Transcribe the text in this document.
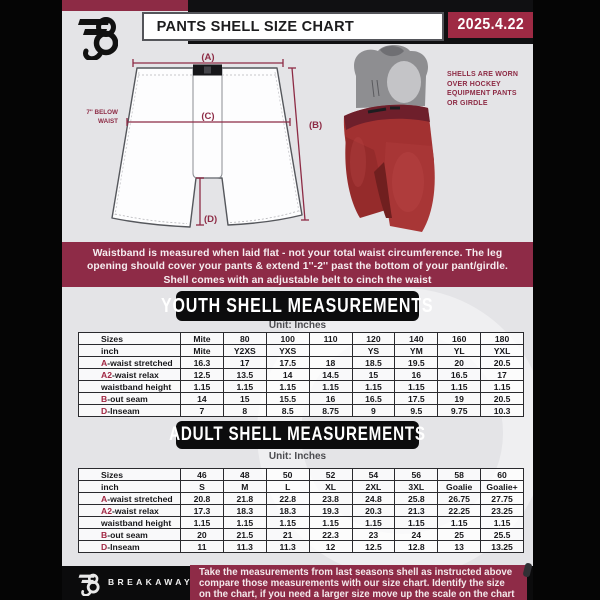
PANTS SHELL SIZE CHART	2025.4.22
(A)
(C)
(B)
(D)
7'' BELOW
WAIST
SHELLS ARE WORN
OVER HOCKEY
EQUIPMENT PANTS
OR GIRDLE
Waistband is measured when laid flat - not your total waist circumference. The leg
opening should cover your pants & extend 1''-2'' past the bottom of your pant/girdle.
Shell comes with an adjustable belt to cinch the waist
YOUTH SHELL MEASUREMENTS
Unit: Inches
Sizes	Mite	80	100	110	120	140	160	180
inch	Mite	Y2XS	YXS		YS	YM	YL	YXL
A-waist stretched	16.3	17	17.5	18	18.5	19.5	20	20.5
A2-waist relax	12.5	13.5	14	14.5	15	16	16.5	17
waistband height	1.15	1.15	1.15	1.15	1.15	1.15	1.15	1.15
B-out seam	14	15	15.5	16	16.5	17.5	19	20.5
D-Inseam	7	8	8.5	8.75	9	9.5	9.75	10.3
ADULT SHELL MEASUREMENTS
Unit: Inches
Sizes	46	48	50	52	54	56	58	60
inch	S	M	L	XL	2XL	3XL	Goalie	Goalie+
A-waist stretched	20.8	21.8	22.8	23.8	24.8	25.8	26.75	27.75
A2-waist relax	17.3	18.3	18.3	19.3	20.3	21.3	22.25	23.25
waistband height	1.15	1.15	1.15	1.15	1.15	1.15	1.15	1.15
B-out seam	20	21.5	21	22.3	23	24	25	25.5
D-Inseam	11	11.3	11.3	12	12.5	12.8	13	13.25
BREAKAWAY
Take the measurements from last seasons shell as instructed above
compare those measurements with our size chart. Identify the size
on the chart, if you need a larger size move up the scale on the chart
